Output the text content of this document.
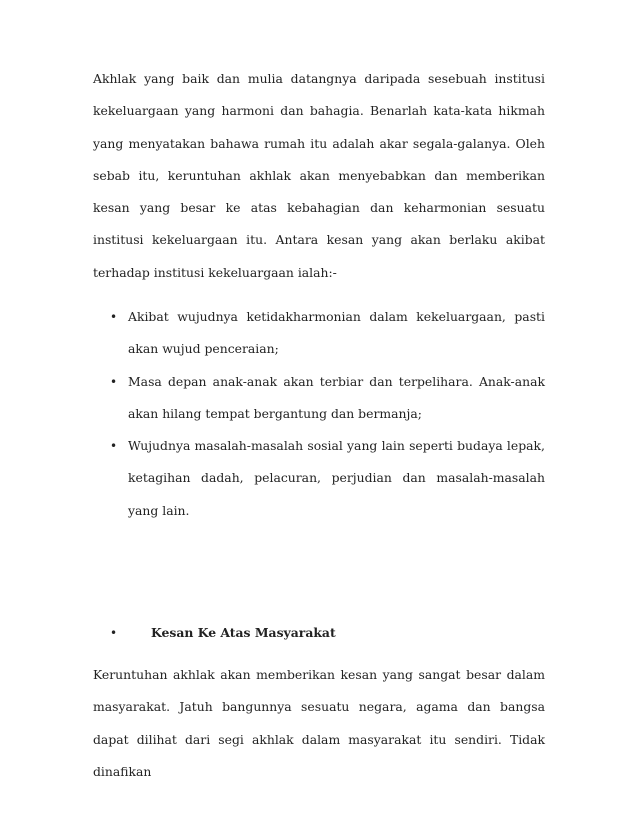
Akhlak yang baik dan mulia datangnya daripada sesebuah institusi kekeluargaan yang harmoni dan bahagia. Benarlah kata-kata hikmah yang menyatakan bahawa rumah itu adalah akar segala-galanya. Oleh sebab itu, keruntuhan akhlak akan menyebabkan dan memberikan kesan yang besar ke atas kebahagian dan keharmonian sesuatu institusi kekeluargaan itu. Antara kesan yang akan berlaku akibat terhadap institusi kekeluargaan ialah:-

• Akibat wujudnya ketidakharmonian dalam kekeluargaan, pasti akan wujud penceraian;
• Masa depan anak-anak akan terbiar dan terpelihara. Anak-anak akan hilang tempat bergantung dan bermanja;
• Wujudnya masalah-masalah sosial yang lain seperti budaya lepak, ketagihan dadah, pelacuran, perjudian dan masalah-masalah yang lain.
•	Kesan Ke Atas Masyarakat

Keruntuhan akhlak akan memberikan kesan yang sangat besar dalam masyarakat. Jatuh bangunnya sesuatu negara, agama dan bangsa dapat dilihat dari segi akhlak dalam masyarakat itu sendiri. Tidak dinafikan
